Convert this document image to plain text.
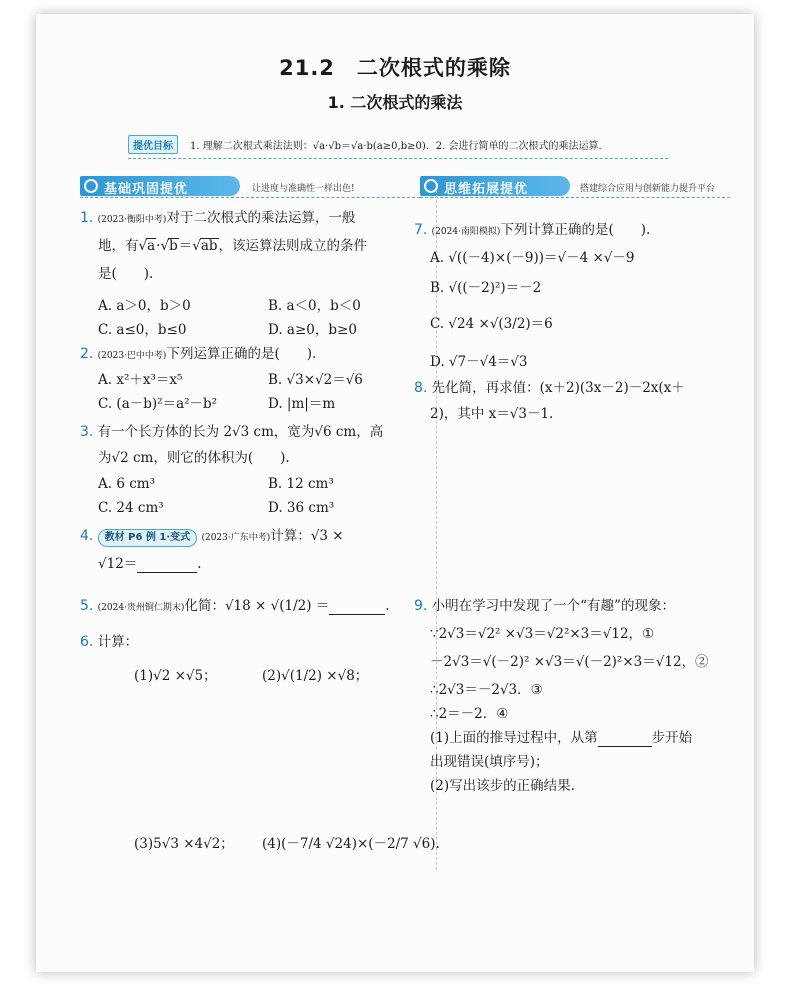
21.2　二次根式的乘除
1. 二次根式的乘法
提优目标	1. 理解二次根式乘法法则：√a·√b＝√a·b(a≥0,b≥0)．2. 会进行简单的二次根式的乘法运算.
基础巩固提优	让进度与准确性一样出色!	思维拓展提优	搭建综合应用与创新能力提升平台
1. (2023·衡阳中考)对于二次根式的乘法运算，一般
地，有√a·√b＝√ab，该运算法则成立的条件
是(　　).
A. a＞0，b＞0	B. a＜0，b＜0
C. a≤0，b≤0	D. a≥0，b≥0
2. (2023·巴中中考)下列运算正确的是(　　).
A. x²＋x³＝x⁵	B. √3×√2＝√6
C. (a－b)²＝a²－b²	D. |m|＝m
3. 有一个长方体的长为 2√3 cm，宽为√6 cm，高
为√2 cm，则它的体积为(　　).
A. 6 cm³	B. 12 cm³
C. 24 cm³	D. 36 cm³
4. 教材 P6 例 1·变式 (2023·广东中考)计算：√3 ×
√12＝	.
5. (2024·贵州铜仁期末)化简：√18 × √(1/2) ＝	.
6. 计算：
(1)√2 ×√5；	(2)√(1/2) ×√8；
(3)5√3 ×4√2； (4)(－7/4 √24)×(－2/7 √6).
7. (2024·南阳模拟)下列计算正确的是(　　).
A. √((－4)×(－9))＝√－4 ×√－9
B. √((－2)²)＝－2
C. √24 ×√(3/2)＝6
D. √7－√4＝√3
8. 先化简，再求值：(x＋2)(3x－2)－2x(x＋
2)，其中 x＝√3－1.
9. 小明在学习中发现了一个“有趣”的现象：
∵2√3＝√2² ×√3＝√2²×3＝√12，①
－2√3＝√(－2)² ×√3＝√(－2)²×3＝√12，②
∴2√3＝－2√3．③
∴2＝－2．④
(1)上面的推导过程中，从第	步开始
出现错误(填序号)；
(2)写出该步的正确结果.
